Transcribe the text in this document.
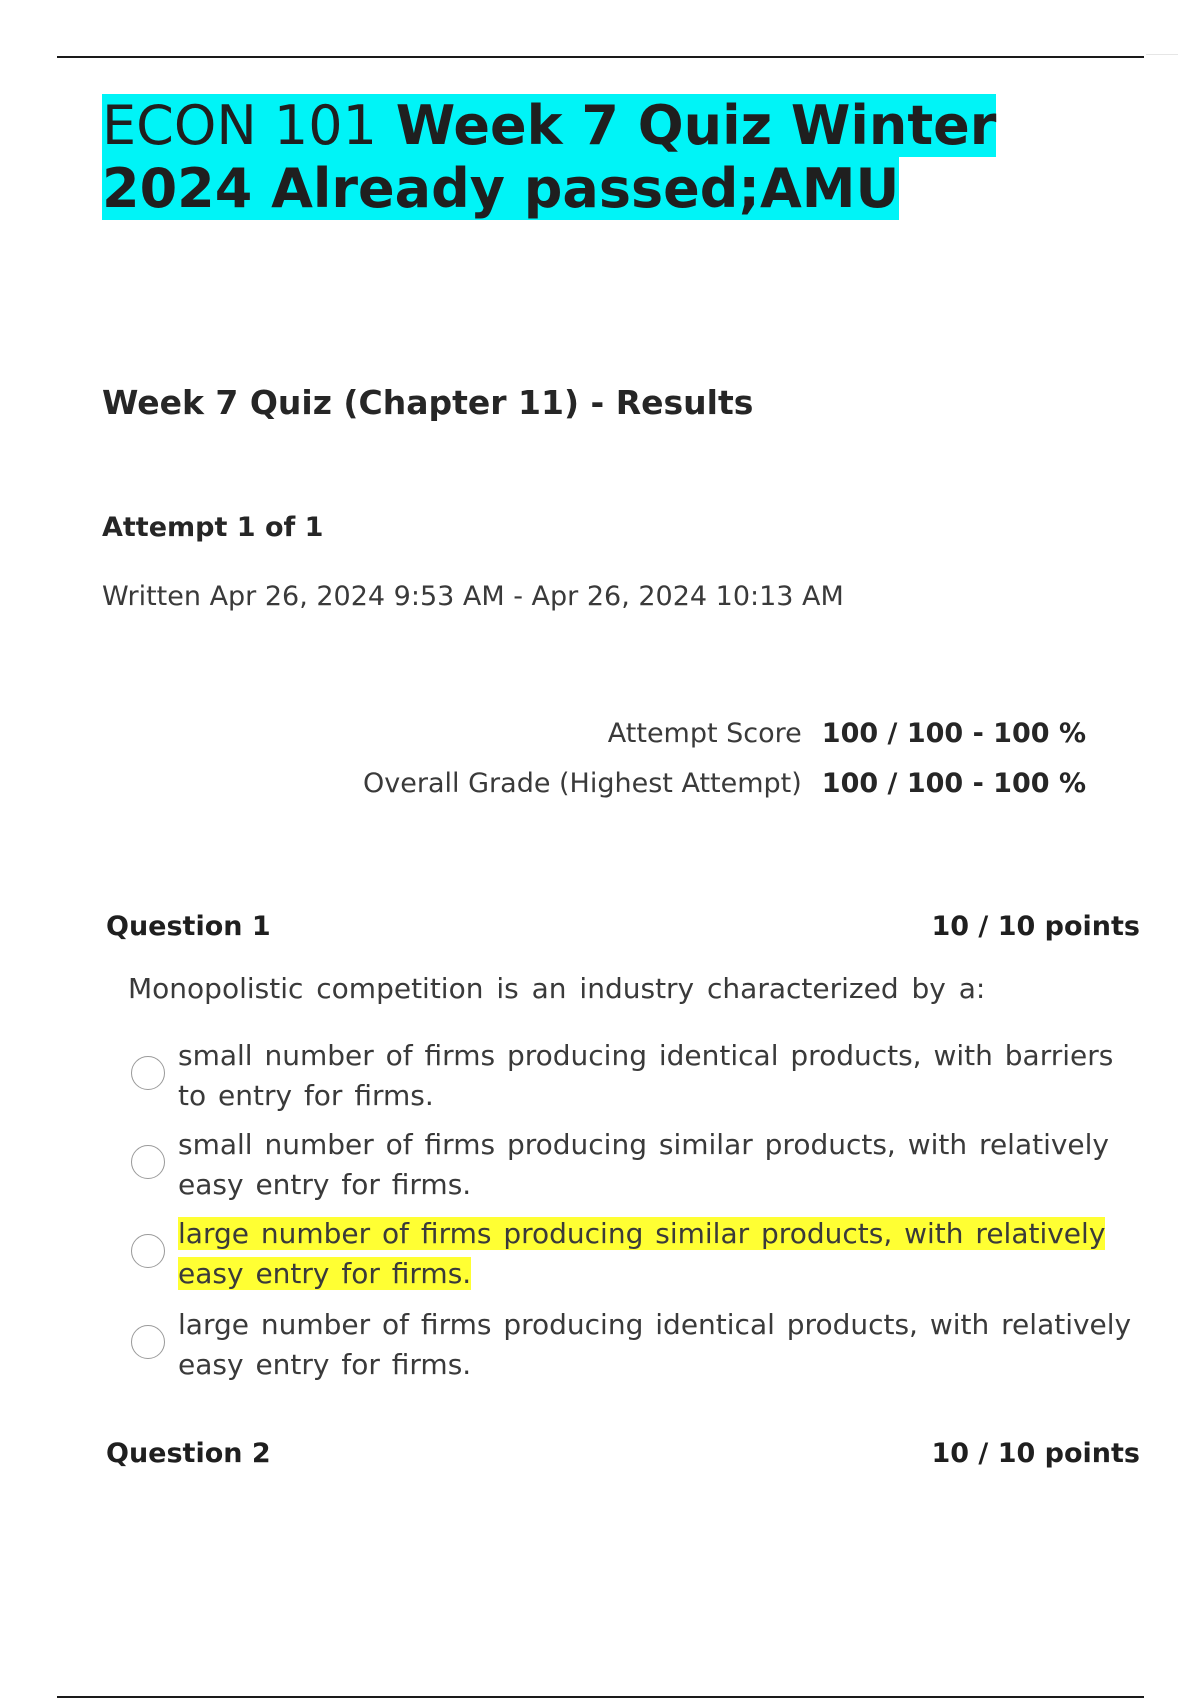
ECON 101 Week 7 Quiz Winter 2024 Already passed;AMU
Week 7 Quiz (Chapter 11) - Results
Attempt 1 of 1
Written Apr 26, 2024 9:53 AM - Apr 26, 2024 10:13 AM
Attempt Score 100 / 100 - 100 %
Overall Grade (Highest Attempt) 100 / 100 - 100 %
Question 1	10 / 10 points
Monopolistic competition is an industry characterized by a:
small number of firms producing identical products, with barriers to entry for firms.
small number of firms producing similar products, with relatively easy entry for firms.
large number of firms producing similar products, with relatively easy entry for firms.
large number of firms producing identical products, with relatively easy entry for firms.
Question 2	10 / 10 points
